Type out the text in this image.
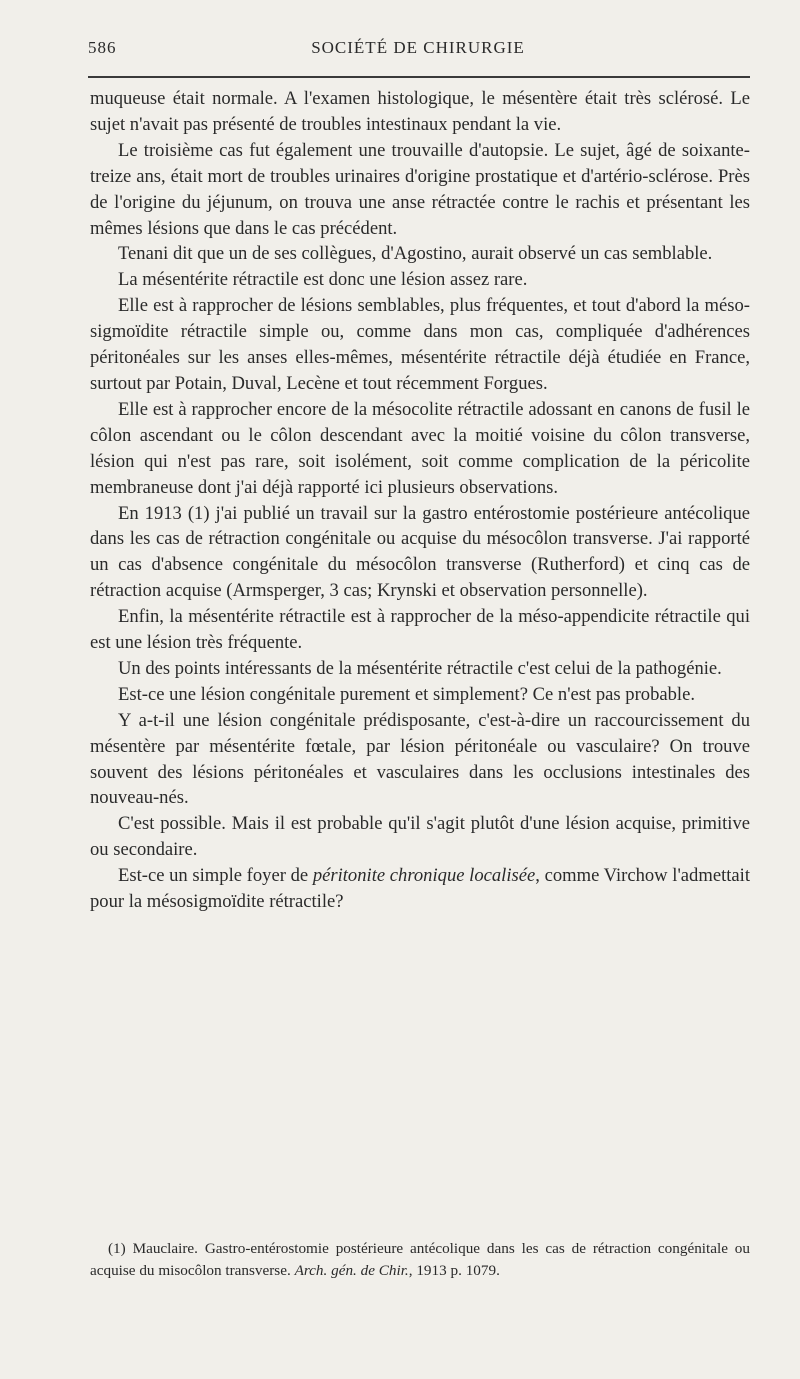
586	SOCIÉTÉ DE CHIRURGIE

muqueuse était normale. A l'examen histologique, le mésentère était très sclérosé. Le sujet n'avait pas présenté de troubles intestinaux pendant la vie.

Le troisième cas fut également une trouvaille d'autopsie. Le sujet, âgé de soixante-treize ans, était mort de troubles urinaires d'origine prostatique et d'artério-sclérose. Près de l'origine du jéjunum, on trouva une anse rétractée contre le rachis et présentant les mêmes lésions que dans le cas précédent.

Tenani dit que un de ses collègues, d'Agostino, aurait observé un cas semblable.

La mésentérite rétractile est donc une lésion assez rare.

Elle est à rapprocher de lésions semblables, plus fréquentes, et tout d'abord la méso-sigmoïdite rétractile simple ou, comme dans mon cas, compliquée d'adhérences péritonéales sur les anses elles-mêmes, mésentérite rétractile déjà étudiée en France, surtout par Potain, Duval, Lecène et tout récemment Forgues.

Elle est à rapprocher encore de la mésocolite rétractile adossant en canons de fusil le côlon ascendant ou le côlon descendant avec la moitié voisine du côlon transverse, lésion qui n'est pas rare, soit isolément, soit comme complication de la péricolite membraneuse dont j'ai déjà rapporté ici plusieurs observations.

En 1913 (1) j'ai publié un travail sur la gastro entérostomie postérieure antécolique dans les cas de rétraction congénitale ou acquise du mésocôlon transverse. J'ai rapporté un cas d'absence congénitale du mésocôlon transverse (Rutherford) et cinq cas de rétraction acquise (Armsperger, 3 cas; Krynski et observation personnelle).

Enfin, la mésentérite rétractile est à rapprocher de la méso-appendicite rétractile qui est une lésion très fréquente.

Un des points intéressants de la mésentérite rétractile c'est celui de la pathogénie.

Est-ce une lésion congénitale purement et simplement? Ce n'est pas probable.

Y a-t-il une lésion congénitale prédisposante, c'est-à-dire un raccourcissement du mésentère par mésentérite fœtale, par lésion péritonéale ou vasculaire? On trouve souvent des lésions péritonéales et vasculaires dans les occlusions intestinales des nouveau-nés.

C'est possible. Mais il est probable qu'il s'agit plutôt d'une lésion acquise, primitive ou secondaire.

Est-ce un simple foyer de péritonite chronique localisée, comme Virchow l'admettait pour la mésosigmoïdite rétractile?

(1) Mauclaire. Gastro-entérostomie postérieure antécolique dans les cas de rétraction congénitale ou acquise du misocôlon transverse. Arch. gén. de Chir., 1913 p. 1079.
